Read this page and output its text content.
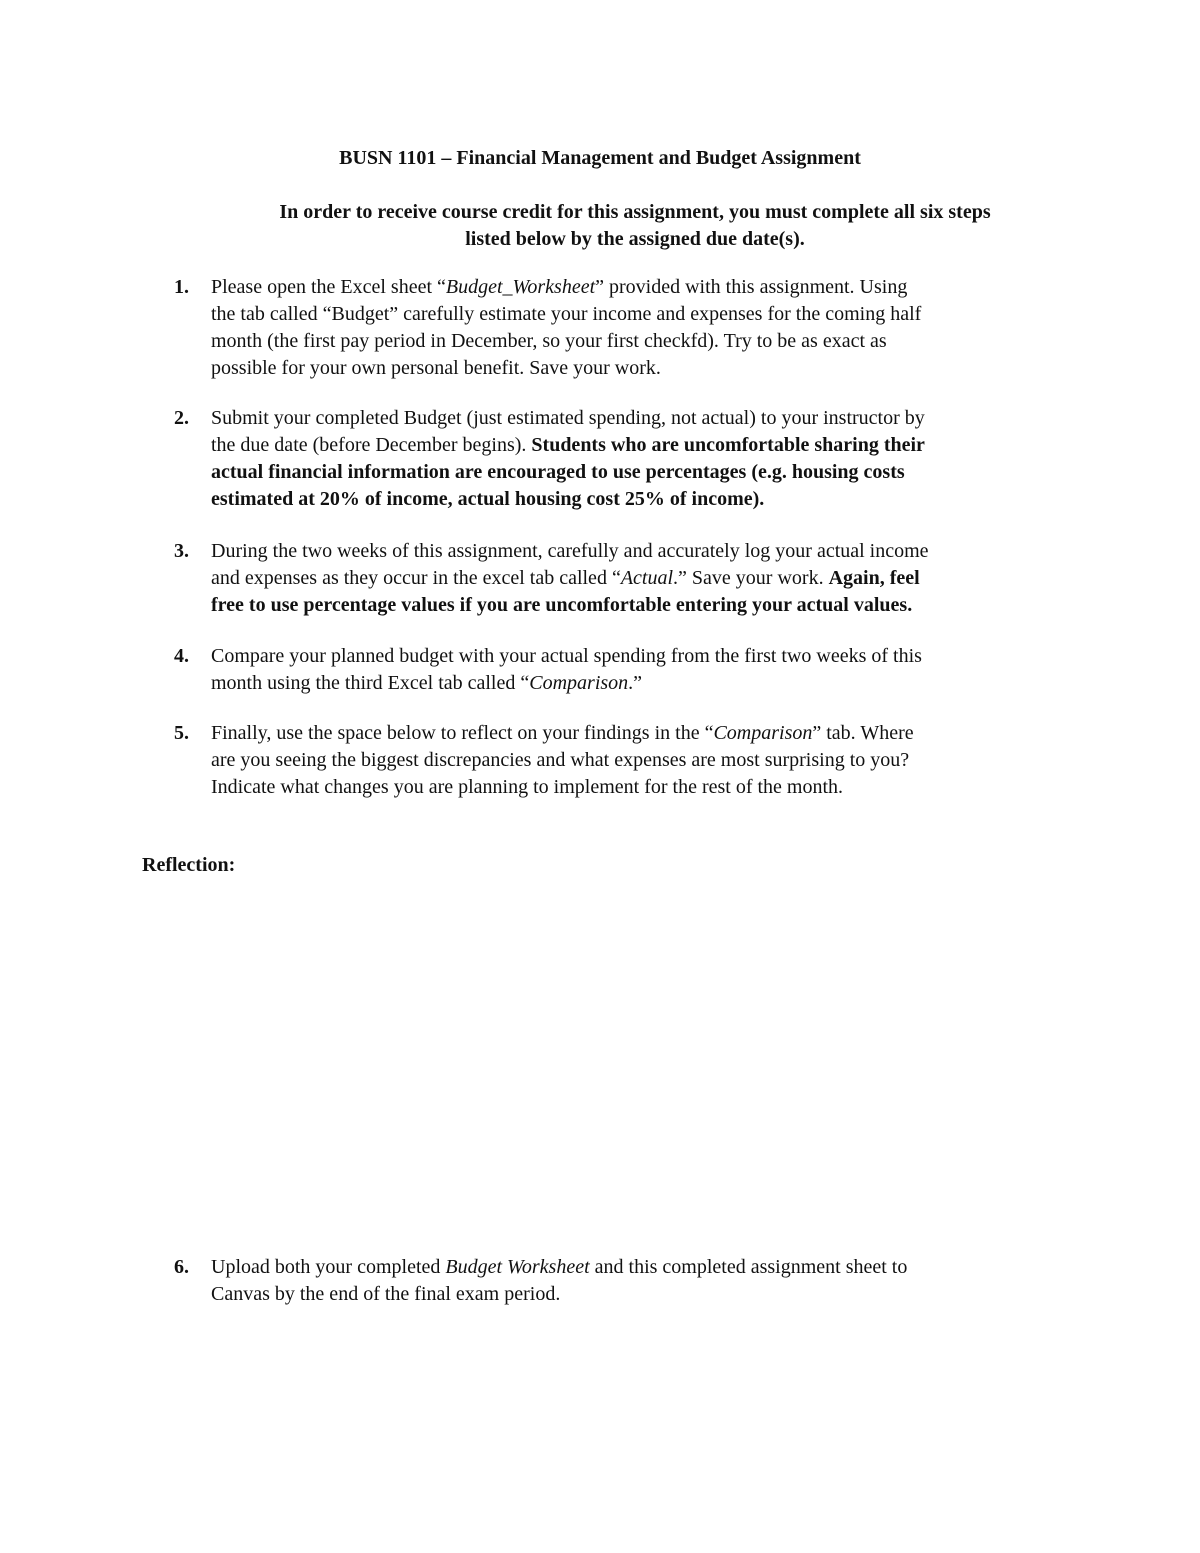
BUSN 1101 – Financial Management and Budget Assignment
In order to receive course credit for this assignment, you must complete all six steps
listed below by the assigned due date(s).
1. Please open the Excel sheet “Budget_Worksheet” provided with this assignment. Using
the tab called “Budget” carefully estimate your income and expenses for the coming half
month (the first pay period in December, so your first checkfd). Try to be as exact as
possible for your own personal benefit. Save your work.
2. Submit your completed Budget (just estimated spending, not actual) to your instructor by
the due date (before December begins). Students who are uncomfortable sharing their
actual financial information are encouraged to use percentages (e.g. housing costs
estimated at 20% of income, actual housing cost 25% of income).
3. During the two weeks of this assignment, carefully and accurately log your actual income
and expenses as they occur in the excel tab called “Actual.” Save your work. Again, feel
free to use percentage values if you are uncomfortable entering your actual values.
4. Compare your planned budget with your actual spending from the first two weeks of this
month using the third Excel tab called “Comparison.”
5. Finally, use the space below to reflect on your findings in the “Comparison” tab. Where
are you seeing the biggest discrepancies and what expenses are most surprising to you?
Indicate what changes you are planning to implement for the rest of the month.
Reflection:
6. Upload both your completed Budget Worksheet and this completed assignment sheet to
Canvas by the end of the final exam period.
